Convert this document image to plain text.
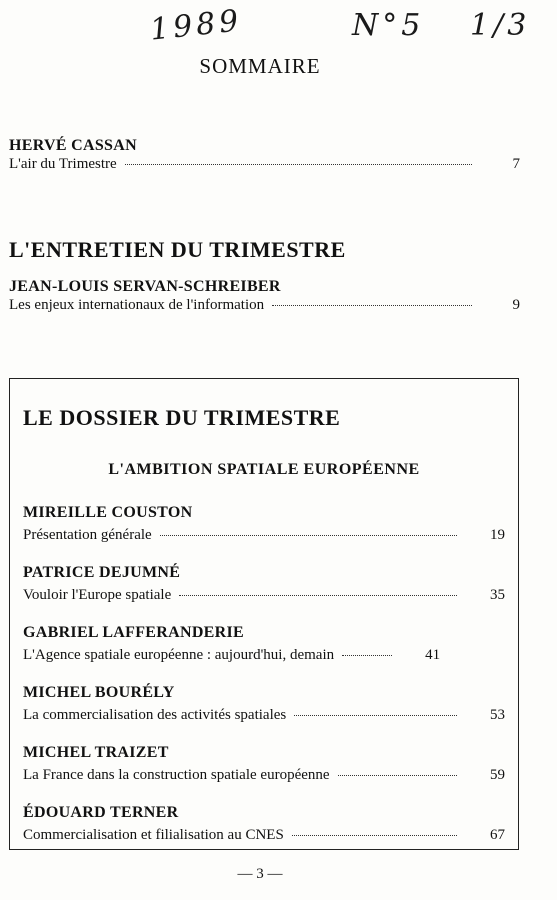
1989	N°5 1/3
SOMMAIRE

HERVÉ CASSAN

L'air du Trimestre	7
L'ENTRETIEN DU TRIMESTRE

JEAN-LOUIS SERVAN-SCHREIBER

Les enjeux internationaux de l'information	9
LE DOSSIER DU TRIMESTRE
L'AMBITION SPATIALE EUROPÉENNE

MIREILLE COUSTON

Présentation générale	19

PATRICE DEJUMNÉ

Vouloir l'Europe spatiale	35

GABRIEL LAFFERANDERIE

L'Agence spatiale européenne : aujourd'hui, demain	41

MICHEL BOURÉLY

La commercialisation des activités spatiales	53

MICHEL TRAIZET

La France dans la construction spatiale européenne	59

ÉDOUARD TERNER

Commercialisation et filialisation au CNES	67
— 3 —
